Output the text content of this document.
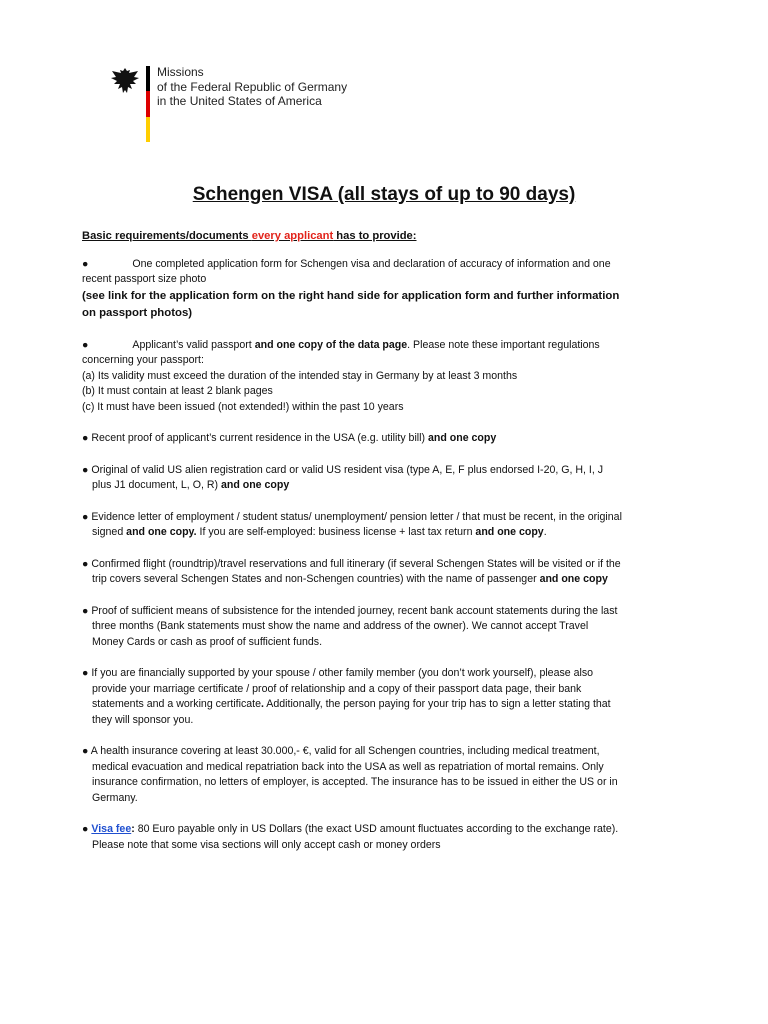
Missions
of the Federal Republic of Germany
in the United States of America
Schengen VISA (all stays of up to 90 days)
Basic requirements/documents every applicant has to provide:

●	One completed application form for Schengen visa and declaration of accuracy of information and one recent passport size photo

(see link for the application form on the right hand side for application form and further information on passport photos)

●	Applicant’s valid passport and one copy of the data page. Please note these important regulations concerning your passport:

(a) Its validity must exceed the duration of the intended stay in Germany by at least 3 months

(b) It must contain at least 2 blank pages

(c) It must have been issued (not extended!) within the past 10 years

● Recent proof of applicant’s current residence in the USA (e.g. utility bill) and one copy
● Original of valid US alien registration card or valid US resident visa (type A, E, F plus endorsed I-20, G, H, I, J plus J1 document, L, O, R) and one copy
● Evidence letter of employment / student status/ unemployment/ pension letter / that must be recent, in the original signed and one copy. If you are self-employed: business license + last tax return and one copy.
● Confirmed flight (roundtrip)/travel reservations and full itinerary (if several Schengen States will be visited or if the trip covers several Schengen States and non-Schengen countries) with the name of passenger and one copy
● Proof of sufficient means of subsistence for the intended journey, recent bank account statements during the last three months (Bank statements must show the name and address of the owner). We cannot accept Travel Money Cards or cash as proof of sufficient funds.
● If you are financially supported by your spouse / other family member (you don’t work yourself), please also provide your marriage certificate / proof of relationship and a copy of their passport data page, their bank statements and a working certificate. Additionally, the person paying for your trip has to sign a letter stating that they will sponsor you.
● A health insurance covering at least 30.000,- €, valid for all Schengen countries, including medical treatment, medical evacuation and medical repatriation back into the USA as well as repatriation of mortal remains. Only insurance confirmation, no letters of employer, is accepted. The insurance has to be issued in either the US or in Germany.
● Visa fee: 80 Euro payable only in US Dollars (the exact USD amount fluctuates according to the exchange rate). Please note that some visa sections will only accept cash or money orders
